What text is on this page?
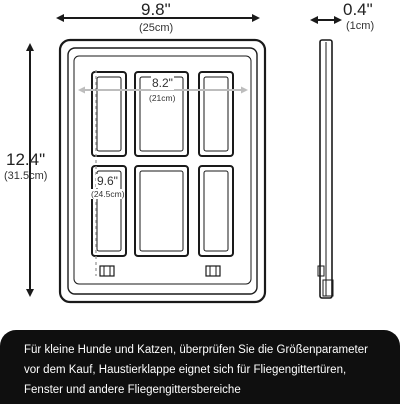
9.8"
(25cm)
0.4"
(1cm)
12.4"
(31.5cm)
8.2"
(21cm)
9.6"
(24.5cm)
Für kleine Hunde und Katzen, überprüfen Sie die Größenparameter vor dem Kauf, Haustierklappe eignet sich für Fliegengittertüren, Fenster und andere Fliegengittersbereiche
